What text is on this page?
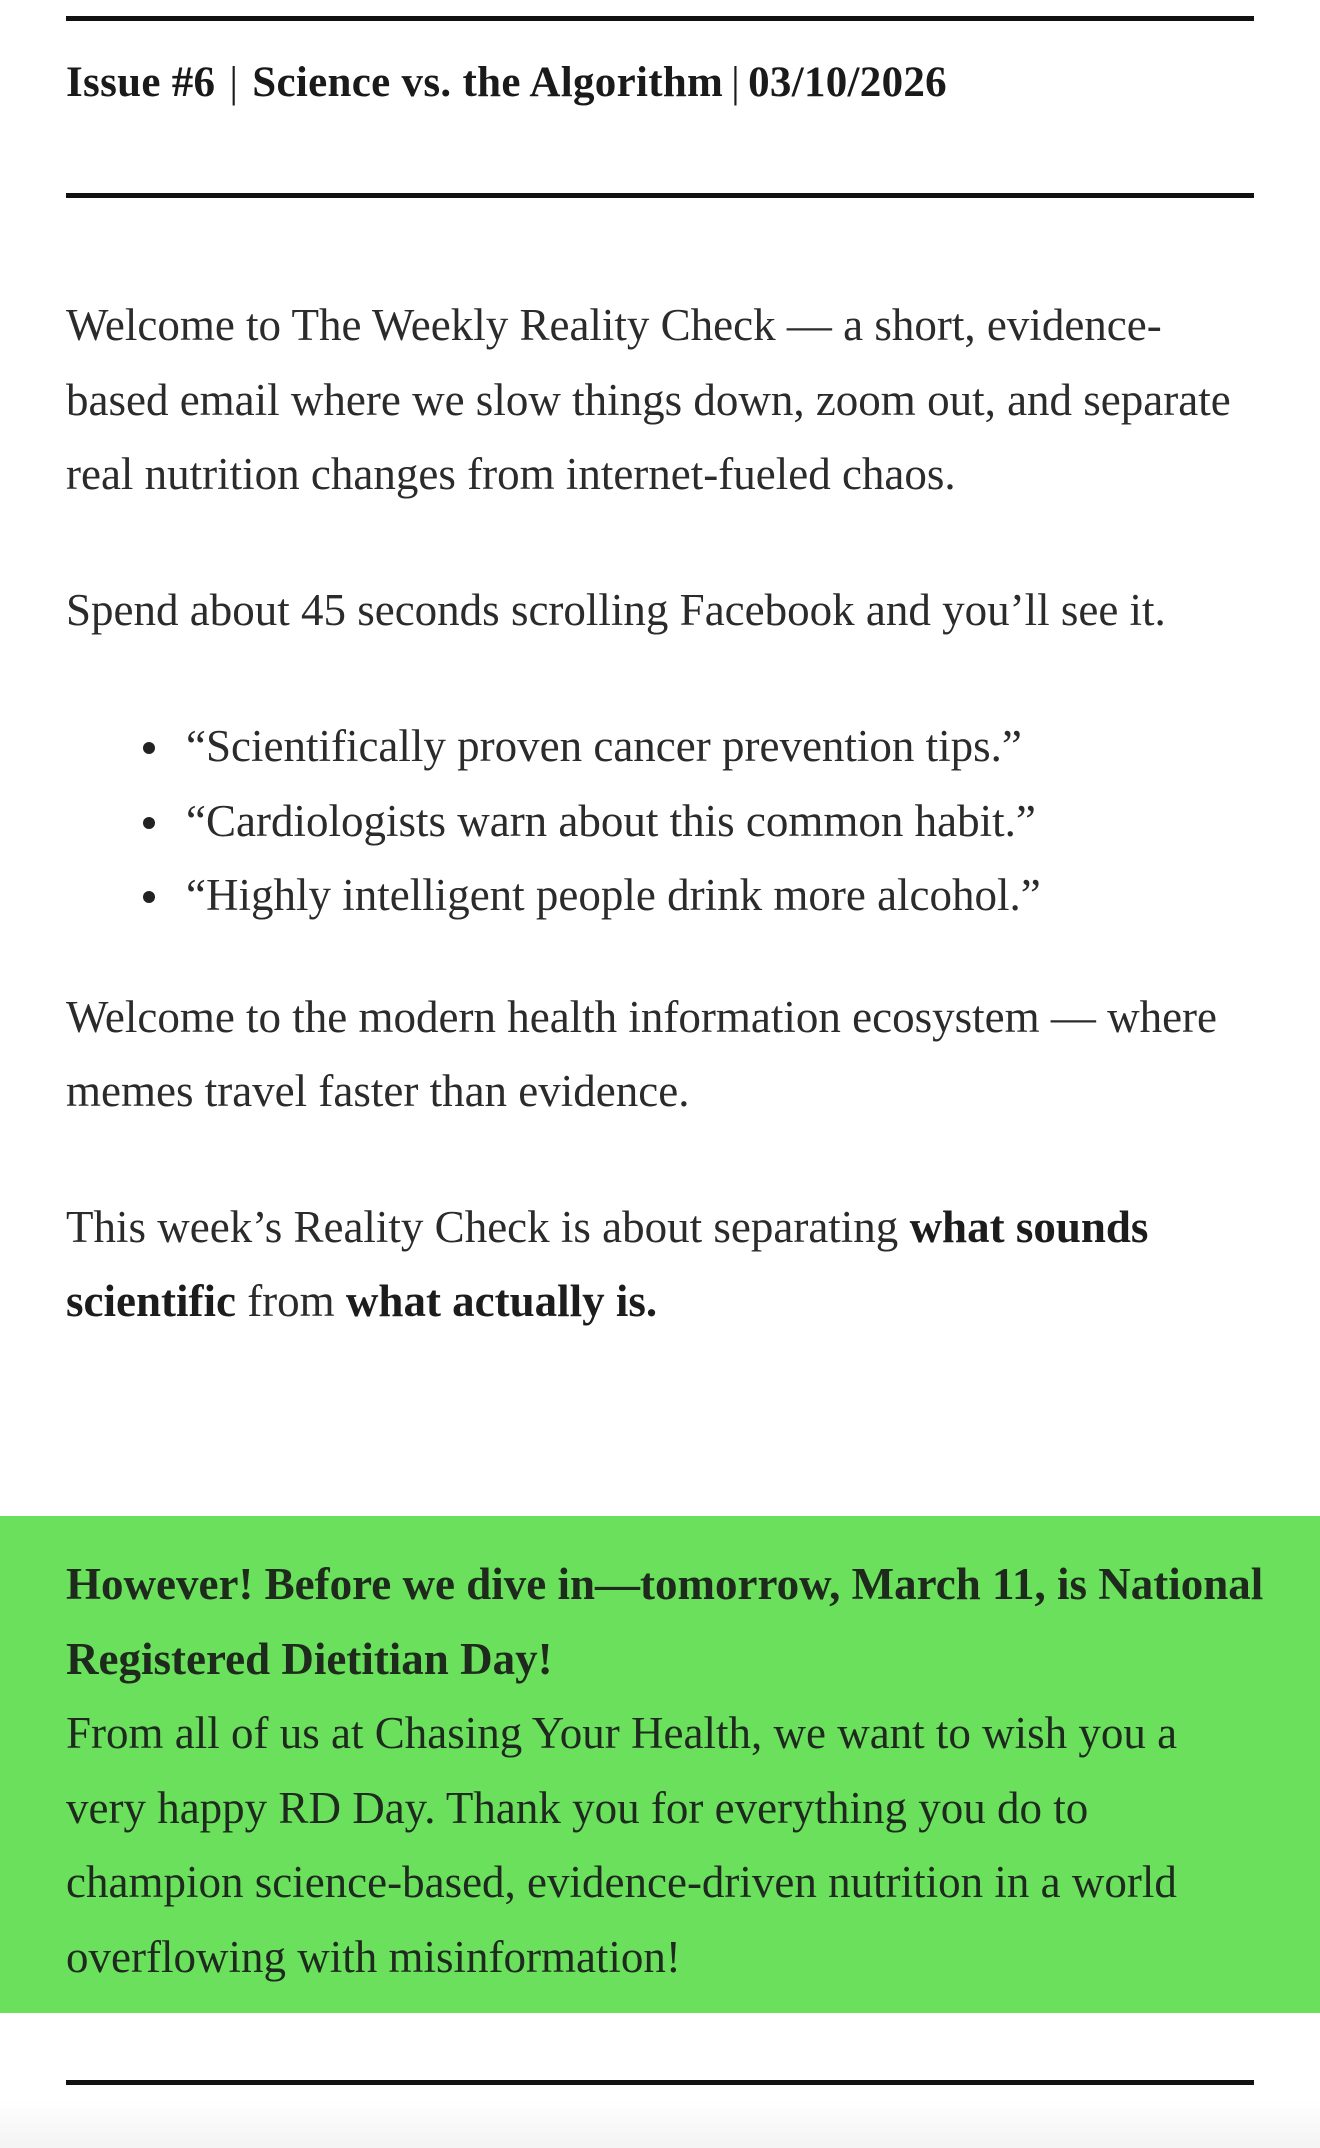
Issue #6 | Science vs. the Algorithm | 03/10/2026

Welcome to The Weekly Reality Check — a short, evidence-based email where we slow things down, zoom out, and separate real nutrition changes from internet-fueled chaos.

Spend about 45 seconds scrolling Facebook and you’ll see it.

“Scientifically proven cancer prevention tips.”
“Cardiologists warn about this common habit.”
“Highly intelligent people drink more alcohol.”

Welcome to the modern health information ecosystem — where memes travel faster than evidence.

This week’s Reality Check is about separating what sounds scientific from what actually is.

However! Before we dive in—tomorrow, March 11, is National Registered Dietitian Day!
From all of us at Chasing Your Health, we want to wish you a very happy RD Day. Thank you for everything you do to champion science-based, evidence-driven nutrition in a world overflowing with misinformation!
